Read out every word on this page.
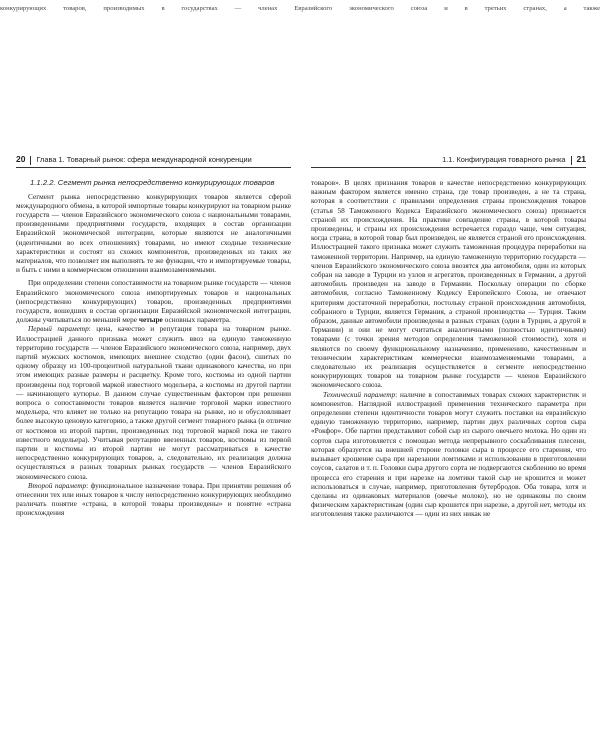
конкурирующих товаров, производимых в государствах — членах Евразийского экономического союза и в третьих странах, а также
20 Глава 1. Товарный рынок: сфера международной конкуренции	1.1. Конфигурация товарного рынка 21
1.1.2.2. Сегмент рынка непосредственно конкурирующих товаров

Сегмент рынка непосредственно конкурирующих товаров является сферой международного обмена, в которой импортные товары конкурируют на товарном рынке государств — членов Евразийского экономического союза с национальными товарами, произведенными предприятиями государств, входящих в состав организации Евразийской экономической интеграции, которые являются не аналогичными (идентичными во всех отношениях) товарами, но имеют сходные технические характеристики и состоят из схожих компонентов, произведенных из таких же материалов, что позволяет им выполнять те же функции, что и импортируемые товары, и быть с ними в коммерческом отношении взаимозаменяемыми.

При определении степени сопоставимости на товарном рынке государств — членов Евразийского экономического союза импортируемых товаров и национальных (непосредственно конкурирующих) товаров, произведенных предприятиями государств, вошедших в состав организации Евразийской экономической интеграции, должны учитываться по меньшей мере четыре основных параметра.

Первый параметр: цена, качество и репутация товара на товарном рынке. Иллюстрацией данного признака может служить ввоз на единую таможенную территорию государств — членов Евразийского экономического союза, например, двух партий мужских костюмов, имеющих внешнее сходство (один фасон), сшитых по одному образцу из 100-процентной натуральной ткани одинакового качества, но при этом имеющих разные размеры и расцветку. Кроме того, костюмы из одной партии произведены под торговой маркой известного модельера, а костюмы из другой партии — начинающего кутюрье. В данном случае существенным фактором при решении вопроса о сопоставимости товаров является наличие торговой марки известного модельера, что влияет не только на репутацию товара на рынке, но и обусловливает более высокую ценовую категорию, а также другой сегмент товарного рынка (в отличие от костюмов из второй партии, произведенных под торговой маркой пока не такого известного модельера). Учитывая репутацию ввезенных товаров, костюмы из первой партии и костюмы из второй партии не могут рассматриваться в качестве непосредственно конкурирующих товаров, а, следовательно, их реализация должна осуществляться в разных товарных рынках государств — членов Евразийского экономического союза.

Второй параметр: функциональное назначение товара. При принятии решения об отнесении тех или иных товаров к числу непосредственно конкурирующих необходимо различать понятие «страна, в которой товары произведены» и понятие «страна происхождения

товаров». В целях признания товаров в качестве непосредственно конкурирующих важным фактором является именно страна, где товар произведен, а не та страна, которая в соответствии с правилами определения страны происхождения товаров (статья 58 Таможенного Кодекса Евразийского экономического союза) признается страной их происхождения. На практике совпадение страны, в которой товары произведены, и страны их происхождения встречается гораздо чаще, чем ситуация, когда страна, в которой товар был произведен, не является страной его происхождения. Иллюстрацией такого признака может служить таможенная процедура переработки на таможенной территории. Например, на единую таможенную территорию государств — членов Евразийского экономического союза ввозятся два автомобиля, один из которых собран на заводе в Турции из узлов и агрегатов, произведенных в Германии, а другой автомобиль произведен на заводе в Германии. Поскольку операции по сборке автомобиля, согласно Таможенному Кодексу Европейского Союза, не отвечают критериям достаточной переработки, постольку страной происхождения автомобиля, собранного в Турции, является Германия, а страной производства — Турция. Таким образом, данные автомобили произведены в разных странах (один в Турции, а другой в Германии) и они не могут считаться аналогичными (полностью идентичными) товарами (с точки зрения методов определения таможенной стоимости), хотя и являются по своему функциональному назначению, применению, качественным и техническим характеристикам коммерчески взаимозаменяемыми товарами, а следовательно их реализация осуществляется в сегменте непосредственно конкурирующих товаров на товарном рынке государств — членов Евразийского экономического союза.

Технический параметр: наличие в сопоставимых товарах схожих характеристик и компонентов. Наглядной иллюстрацией применения технического параметра при определении степени идентичности товаров могут служить поставки на евразийскую единую таможенную территорию, например, партии двух различных сортов сыра «Рокфор». Обе партии представляют собой сыр из сырого овечьего молока. Но один из сортов сыра изготовляется с помощью метода непрерывного соскабливания плесени, которая образуется на внешней стороне головки сыра в процессе его старения, что вызывает крошение сыра при нарезании ломтиками и использовании в приготовлении соусов, салатов и т. п. Головки сыра другого сорта не подвергаются скоблению во время процесса его старения и при нарезке на ломтики такой сыр не крошится и может использоваться в случае, например, приготовления бутербродов. Оба товара, хотя и сделаны из одинаковых материалов (овечье молоко), но не одинаковы по своим физическим характеристикам (один сыр крошится при нарезке, а другой нет, методы их изготовления также различаются — один из них никак не
